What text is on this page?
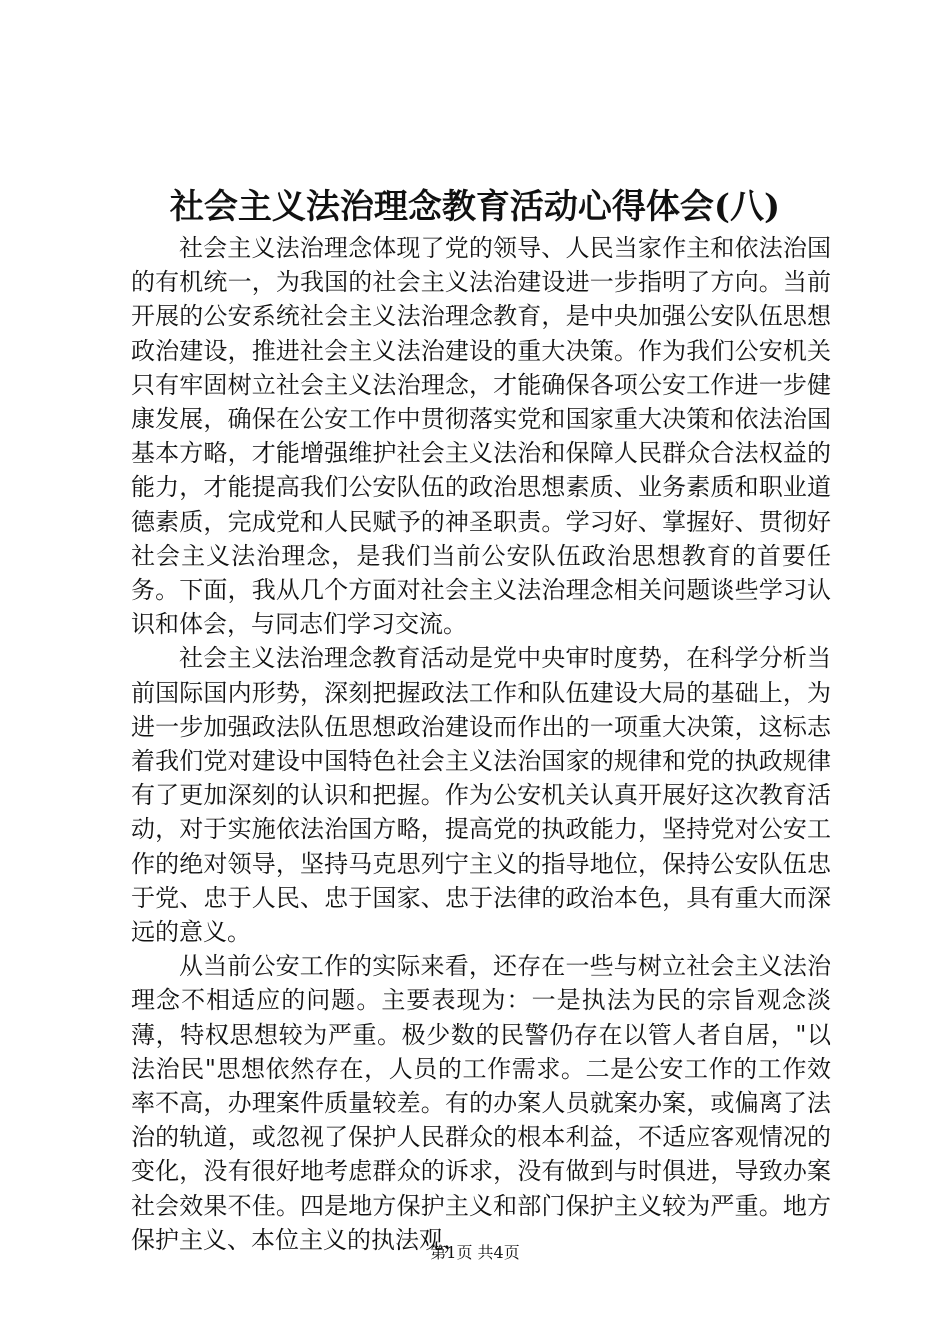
社会主义法治理念教育活动心得体会(八)

社会主义法治理念体现了党的领导、人民当家作主和依法治国的有机统一，为我国的社会主义法治建设进一步指明了方向。当前开展的公安系统社会主义法治理念教育，是中央加强公安队伍思想政治建设，推进社会主义法治建设的重大决策。作为我们公安机关只有牢固树立社会主义法治理念，才能确保各项公安工作进一步健康发展，确保在公安工作中贯彻落实党和国家重大决策和依法治国基本方略，才能增强维护社会主义法治和保障人民群众合法权益的能力，才能提高我们公安队伍的政治思想素质、业务素质和职业道德素质，完成党和人民赋予的神圣职责。学习好、掌握好、贯彻好社会主义法治理念，是我们当前公安队伍政治思想教育的首要任务。下面，我从几个方面对社会主义法治理念相关问题谈些学习认识和体会，与同志们学习交流。

社会主义法治理念教育活动是党中央审时度势，在科学分析当前国际国内形势，深刻把握政法工作和队伍建设大局的基础上，为进一步加强政法队伍思想政治建设而作出的一项重大决策，这标志着我们党对建设中国特色社会主义法治国家的规律和党的执政规律有了更加深刻的认识和把握。作为公安机关认真开展好这次教育活动，对于实施依法治国方略，提高党的执政能力，坚持党对公安工作的绝对领导，坚持马克思列宁主义的指导地位，保持公安队伍忠于党、忠于人民、忠于国家、忠于法律的政治本色，具有重大而深远的意义。

从当前公安工作的实际来看，还存在一些与树立社会主义法治理念不相适应的问题。主要表现为：一是执法为民的宗旨观念淡薄，特权思想较为严重。极少数的民警仍存在以管人者自居，"以法治民"思想依然存在，人员的工作需求。二是公安工作的工作效率不高，办理案件质量较差。有的办案人员就案办案，或偏离了法治的轨道，或忽视了保护人民群众的根本利益，不适应客观情况的变化，没有很好地考虑群众的诉求，没有做到与时俱进，导致办案社会效果不佳。四是地方保护主义和部门保护主义较为严重。地方保护主义、本位主义的执法观，

第1页 共4页
